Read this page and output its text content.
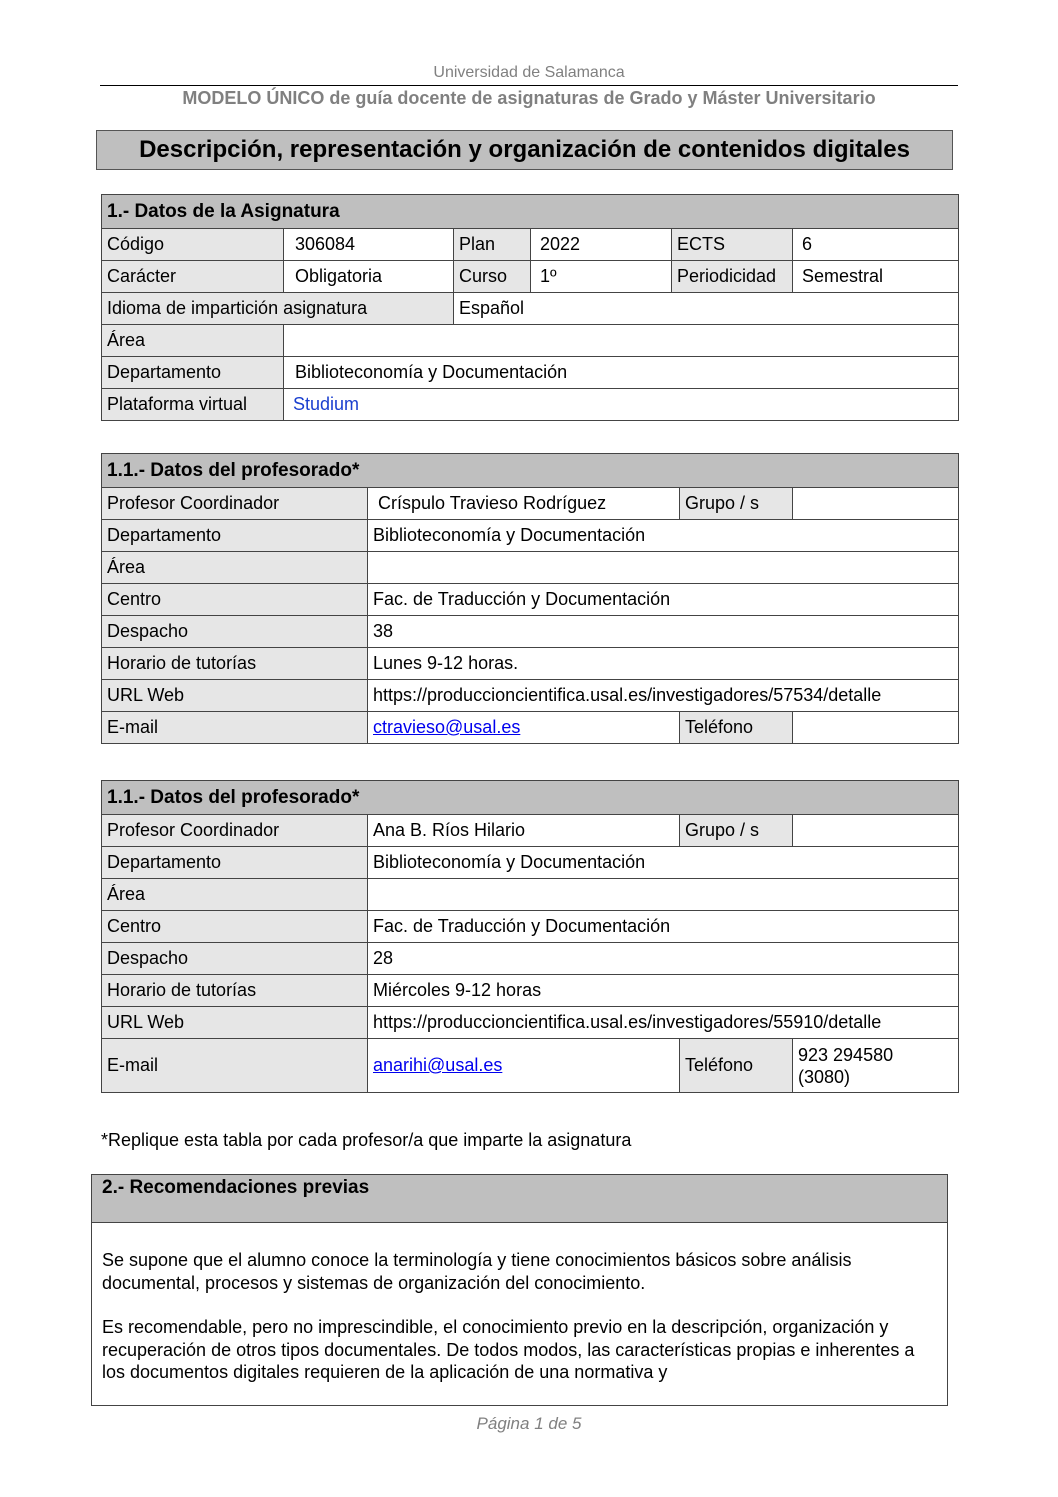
Universidad de Salamanca
MODELO ÚNICO de guía docente de asignaturas de Grado y Máster Universitario
Descripción, representación y organización de contenidos digitales
1.- Datos de la Asignatura					
Código	306084	Plan	2022	ECTS	6
Carácter	Obligatoria	Curso	1º	Periodicidad	Semestral
Idioma de impartición asignatura		Español			
Área					
Departamento	Biblioteconomía y Documentación				
Plataforma virtual	Studium				
1.1.- Datos del profesorado*			
Profesor Coordinador	Críspulo Travieso Rodríguez	Grupo / s	
Departamento	Biblioteconomía y Documentación		
Área			
Centro	Fac. de Traducción y Documentación		
Despacho	38		
Horario de tutorías	Lunes 9-12 horas.		
URL Web	https://produccioncientifica.usal.es/investigadores/57534/detalle		
E-mail	ctravieso@usal.es	Teléfono	
1.1.- Datos del profesorado*			
Profesor Coordinador	Ana B. Ríos Hilario	Grupo / s	
Departamento	Biblioteconomía y Documentación		
Área			
Centro	Fac. de Traducción y Documentación		
Despacho	28		
Horario de tutorías	Miércoles 9-12 horas		
URL Web	https://produccioncientifica.usal.es/investigadores/55910/detalle		
E-mail	anarihi@usal.es	Teléfono	923 294580
(3080)
*Replique esta tabla por cada profesor/a que imparte la asignatura
2.- Recomendaciones previas

Se supone que el alumno conoce la terminología y tiene conocimientos básicos sobre análisis documental, procesos y sistemas de organización del conocimiento.

Es recomendable, pero no imprescindible, el conocimiento previo en la descripción, organización y recuperación de otros tipos documentales. De todos modos, las características propias e inherentes a los documentos digitales requieren de la aplicación de una normativa y

Página 1 de 5
